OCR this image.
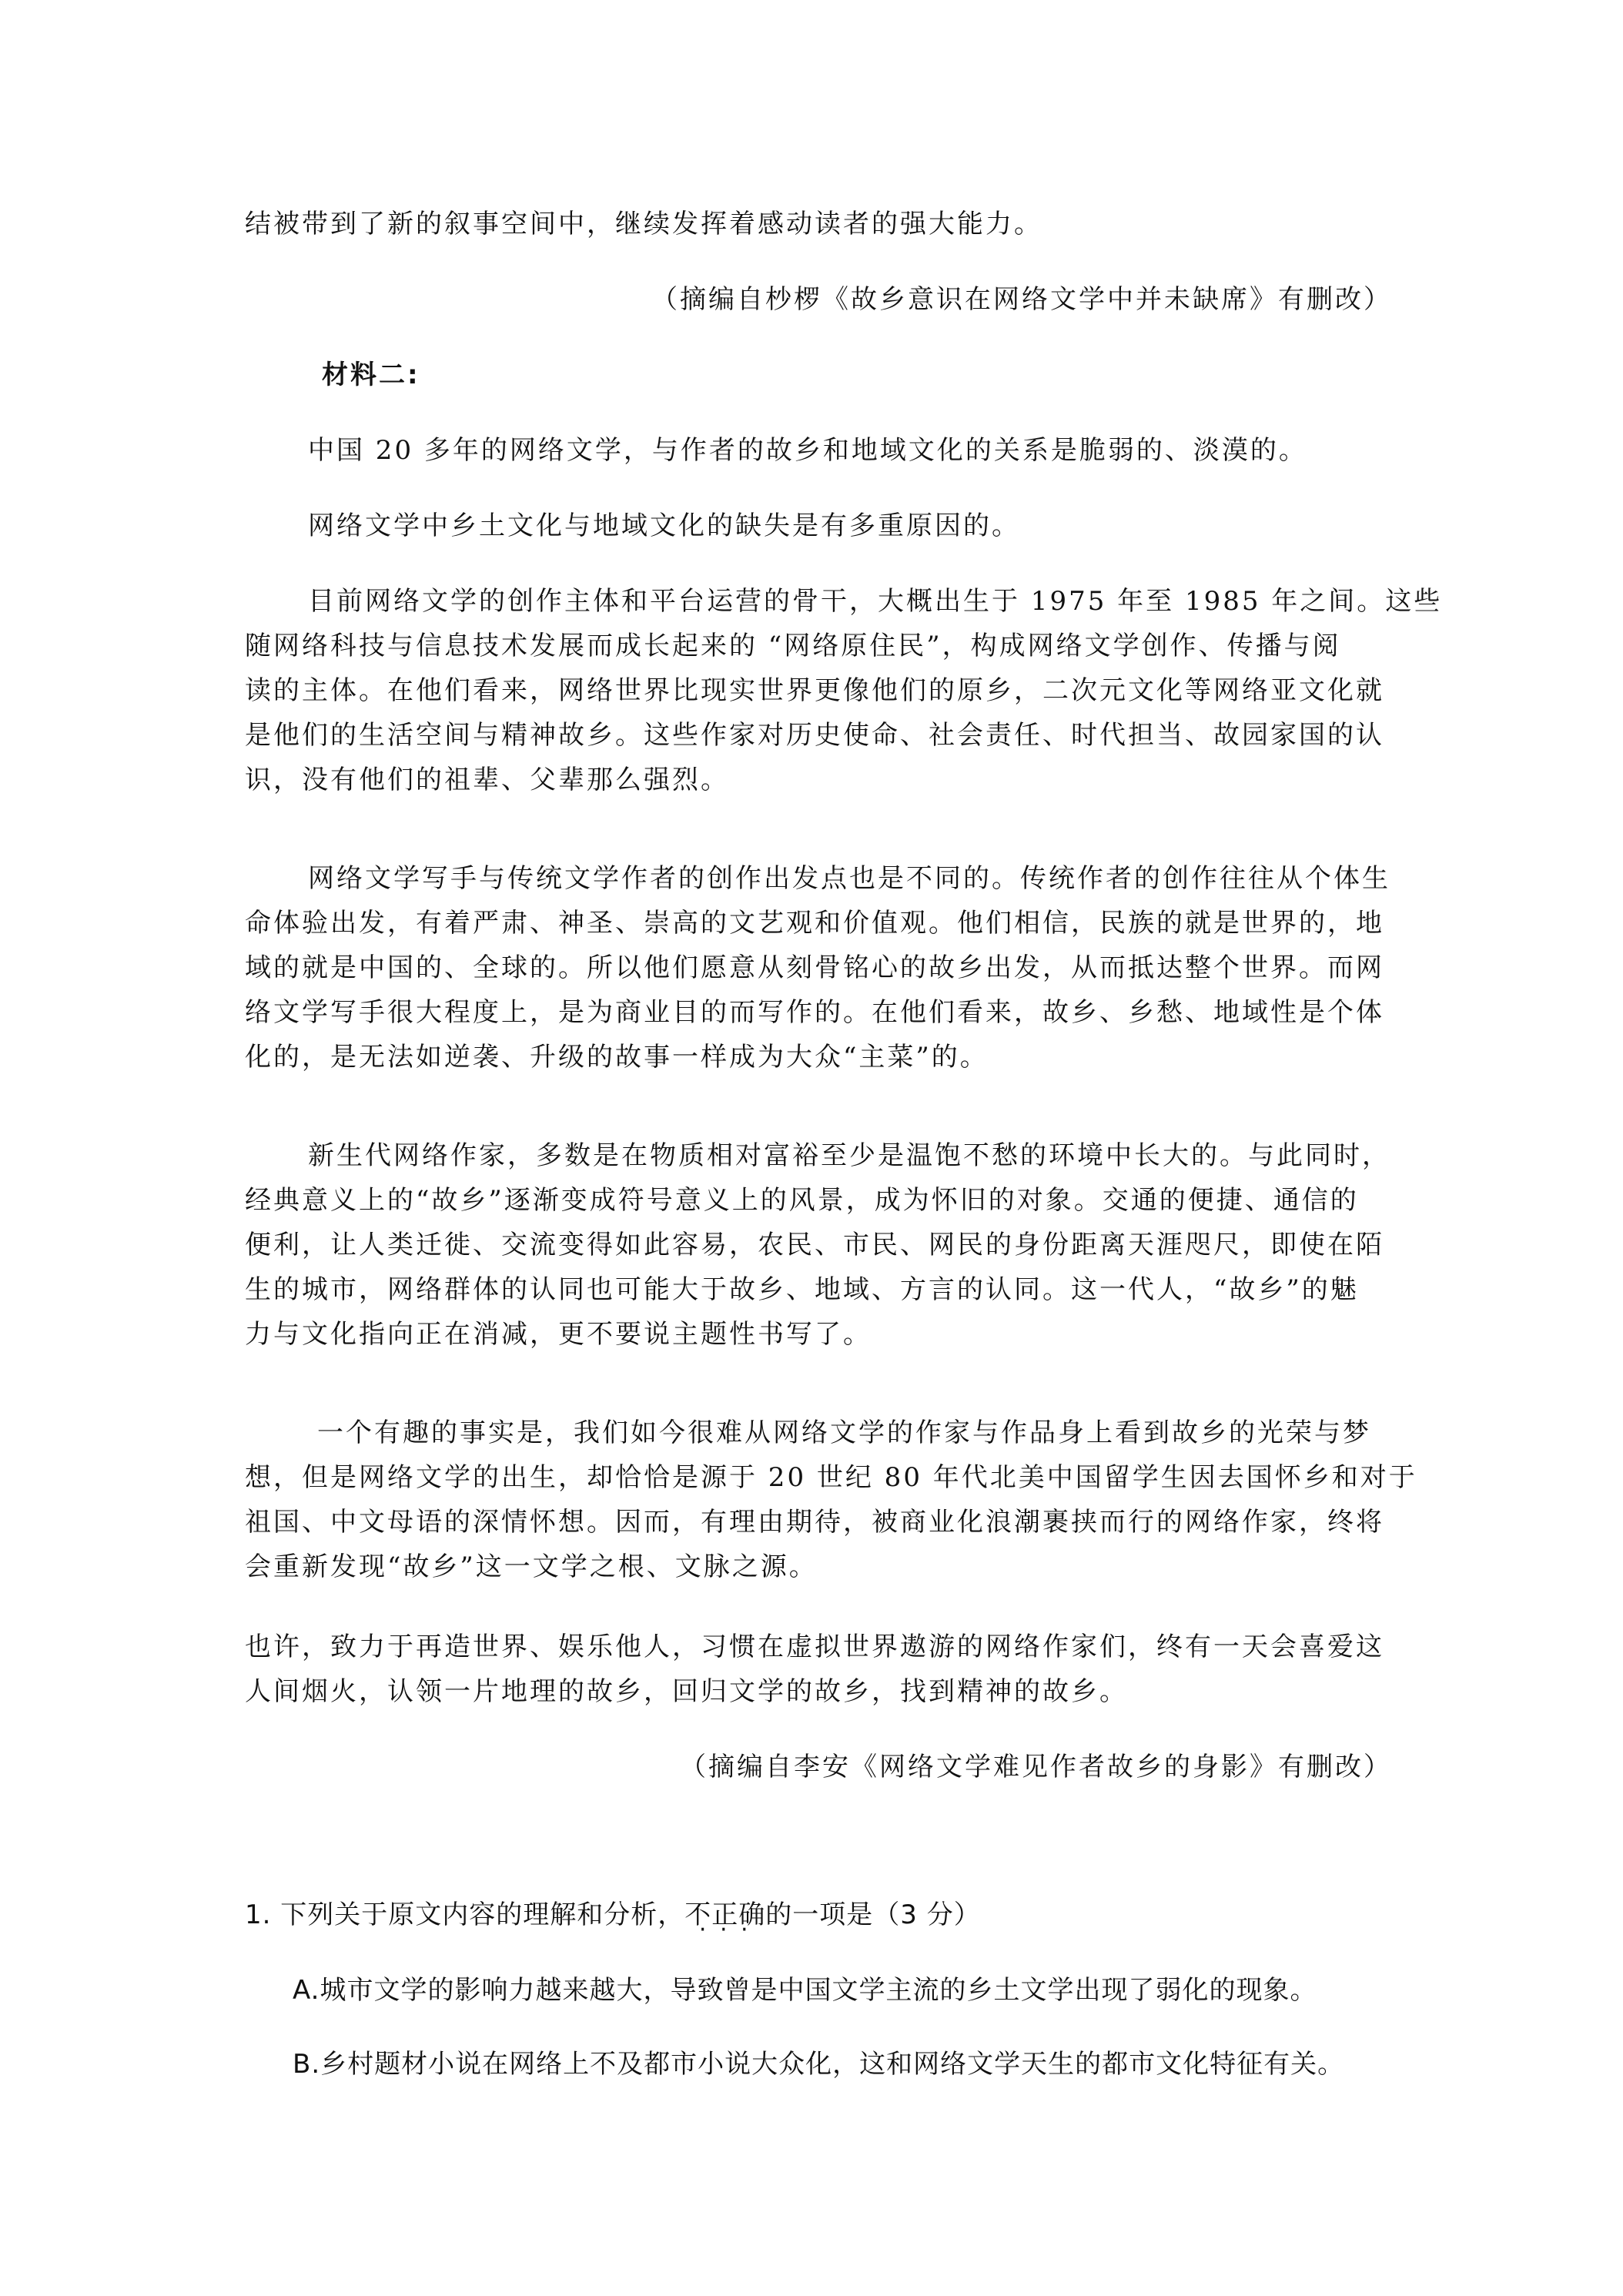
结被带到了新的叙事空间中，继续发挥着感动读者的强大能力。
（摘编自杪椤《故乡意识在网络文学中并未缺席》有删改）
材料二:
中国 20 多年的网络文学，与作者的故乡和地域文化的关系是脆弱的、淡漠的。
网络文学中乡土文化与地域文化的缺失是有多重原因的。
目前网络文学的创作主体和平台运营的骨干，大概出生于 1975 年至 1985 年之间。这些
随网络科技与信息技术发展而成长起来的 “网络原住民”，构成网络文学创作、传播与阅
读的主体。在他们看来，网络世界比现实世界更像他们的原乡，二次元文化等网络亚文化就
是他们的生活空间与精神故乡。这些作家对历史使命、社会责任、时代担当、故园家国的认
识，没有他们的祖辈、父辈那么强烈。
网络文学写手与传统文学作者的创作出发点也是不同的。传统作者的创作往往从个体生
命体验出发，有着严肃、神圣、崇高的文艺观和价值观。他们相信，民族的就是世界的，地
域的就是中国的、全球的。所以他们愿意从刻骨铭心的故乡出发，从而抵达整个世界。而网
络文学写手很大程度上，是为商业目的而写作的。在他们看来，故乡、乡愁、地域性是个体
化的，是无法如逆袭、升级的故事一样成为大众“主菜”的。
新生代网络作家，多数是在物质相对富裕至少是温饱不愁的环境中长大的。与此同时，
经典意义上的“故乡”逐渐变成符号意义上的风景，成为怀旧的对象。交通的便捷、通信的
便利，让人类迁徙、交流变得如此容易，农民、市民、网民的身份距离天涯咫尺，即使在陌
生的城市，网络群体的认同也可能大于故乡、地域、方言的认同。这一代人，“故乡”的魅
力与文化指向正在消减，更不要说主题性书写了。
一个有趣的事实是，我们如今很难从网络文学的作家与作品身上看到故乡的光荣与梦
想，但是网络文学的出生，却恰恰是源于 20 世纪 80 年代北美中国留学生因去国怀乡和对于
祖国、中文母语的深情怀想。因而，有理由期待，被商业化浪潮裹挟而行的网络作家，终将
会重新发现“故乡”这一文学之根、文脉之源。
也许，致力于再造世界、娱乐他人，习惯在虚拟世界遨游的网络作家们，终有一天会喜爱这
人间烟火，认领一片地理的故乡，回归文学的故乡，找到精神的故乡。
（摘编自李安《网络文学难见作者故乡的身影》有删改）
1. 下列关于原文内容的理解和分析，不正确 · · ·的一项是（3 分）
A.城市文学的影响力越来越大，导致曾是中国文学主流的乡土文学出现了弱化的现象。
B.乡村题材小说在网络上不及都市小说大众化，这和网络文学天生的都市文化特征有关。
